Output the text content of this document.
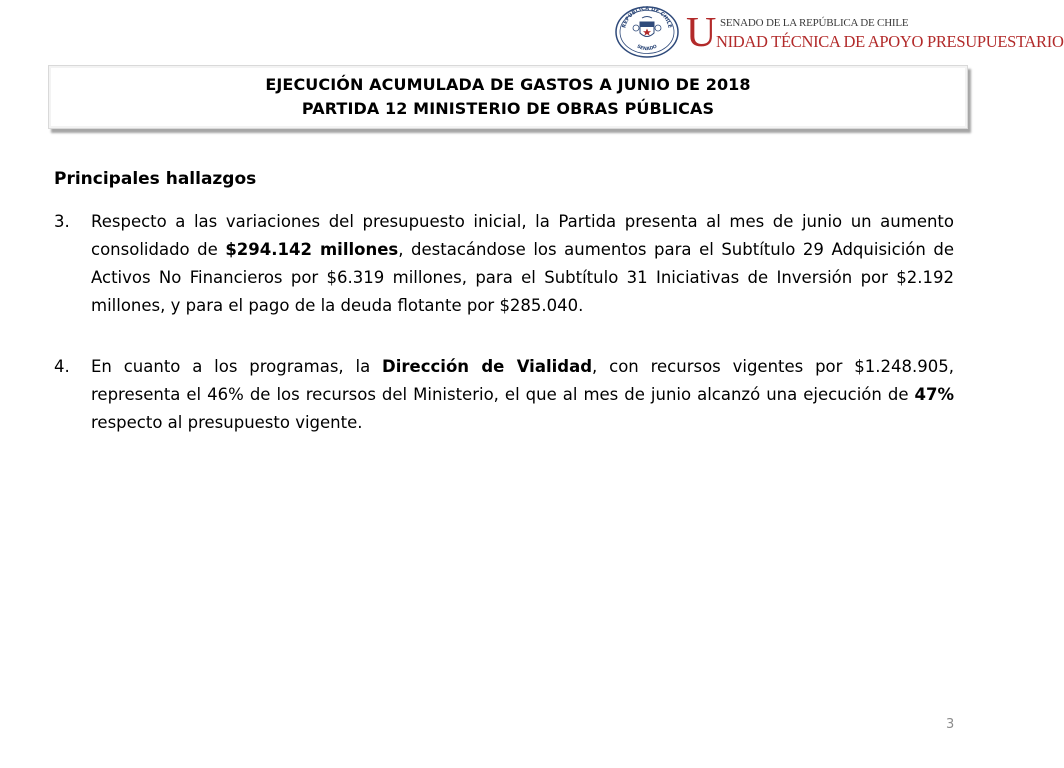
REPÚBLICA DE CHILE
SENADO U SENADO DE LA REPÚBLICA DE CHILE
NIDAD TÉCNICA DE APOYO PRESUPUESTARIO
EJECUCIÓN ACUMULADA DE GASTOS A JUNIO DE 2018
PARTIDA 12 MINISTERIO DE OBRAS PÚBLICAS
Principales hallazgos
3.	Respecto a las variaciones del presupuesto inicial, la Partida presenta al mes de junio un aumento consolidado de $294.142 millones, destacándose los aumentos para el Subtítulo 29 Adquisición de Activos No Financieros por $6.319 millones, para el Subtítulo 31 Iniciativas de Inversión por $2.192 millones, y para el pago de la deuda flotante por $285.040.
4.	En cuanto a los programas, la Dirección de Vialidad, con recursos vigentes por $1.248.905, representa el 46% de los recursos del Ministerio, el que al mes de junio alcanzó una ejecución de 47% respecto al presupuesto vigente.
3
